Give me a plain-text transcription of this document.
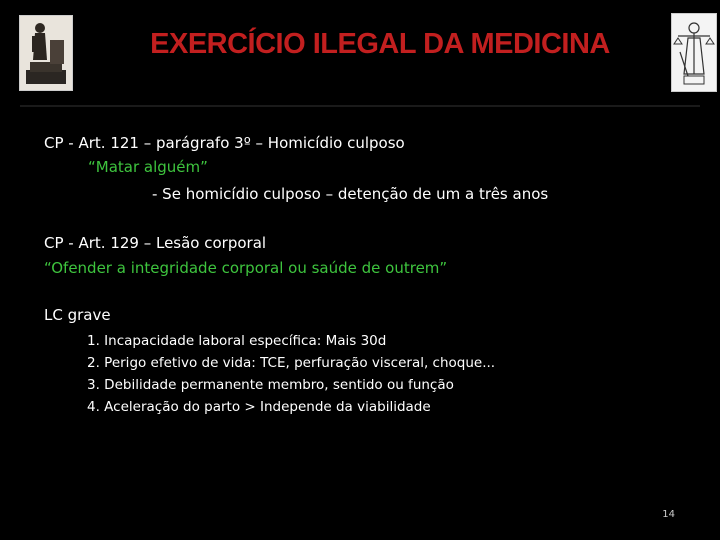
EXERCÍCIO ILEGAL DA MEDICINA
CP - Art. 121 – parágrafo 3º – Homicídio culposo
“Matar alguém”
- Se homicídio culposo – detenção de um a três anos
CP - Art. 129 – Lesão corporal
“Ofender a integridade corporal ou saúde de outrem”
LC grave
1. Incapacidade laboral específica: Mais 30d
2. Perigo efetivo de vida: TCE, perfuração visceral, choque...
3. Debilidade permanente membro, sentido ou função
4. Aceleração do parto > Independe da viabilidade
14
